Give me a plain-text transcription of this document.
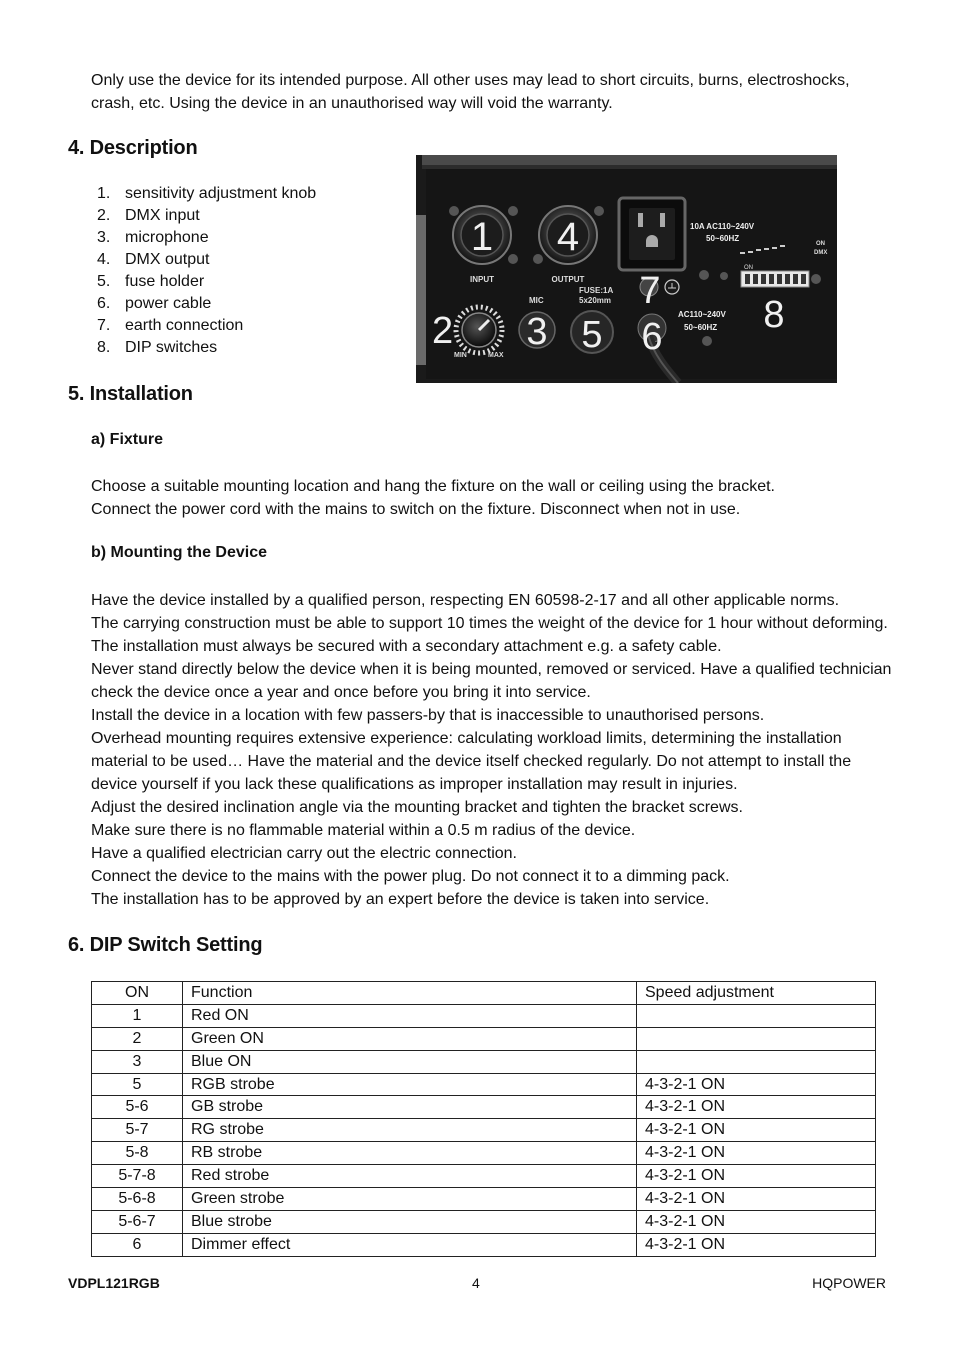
Only use the device for its intended purpose. All other uses may lead to short circuits, burns, electroshocks,
crash, etc. Using the device in an unauthorised way will void the warranty.
4. Description
1. sensitivity adjustment knob
2. DMX input
3. microphone
4. DMX output
5. fuse holder
6. power cable
7. earth connection
8. DIP switches
1
INPUT
4
OUTPUT
10A AC110~240V
50~60HZ
ON
DMX
ON
8
2
MIN	MAX
MIC
3
FUSE:1A
5x20mm
5
7
6
AC110~240V
50~60HZ
5. Installation
a) Fixture
Choose a suitable mounting location and hang the fixture on the wall or ceiling using the bracket.
Connect the power cord with the mains to switch on the fixture. Disconnect when not in use.
b) Mounting the Device
Have the device installed by a qualified person, respecting EN 60598-2-17 and all other applicable norms.
The carrying construction must be able to support 10 times the weight of the device for 1 hour without deforming.
The installation must always be secured with a secondary attachment e.g. a safety cable.
Never stand directly below the device when it is being mounted, removed or serviced. Have a qualified technician
check the device once a year and once before you bring it into service.
Install the device in a location with few passers-by that is inaccessible to unauthorised persons.
Overhead mounting requires extensive experience: calculating workload limits, determining the installation
material to be used… Have the material and the device itself checked regularly. Do not attempt to install the
device yourself if you lack these qualifications as improper installation may result in injuries.
Adjust the desired inclination angle via the mounting bracket and tighten the bracket screws.
Make sure there is no flammable material within a 0.5 m radius of the device.
Have a qualified electrician carry out the electric connection.
Connect the device to the mains with the power plug. Do not connect it to a dimming pack.
The installation has to be approved by an expert before the device is taken into service.
6. DIP Switch Setting
ON	Function	Speed adjustment
1	Red ON	
2	Green ON	
3	Blue ON	
5	RGB strobe	4-3-2-1 ON
5-6	GB strobe	4-3-2-1 ON
5-7	RG strobe	4-3-2-1 ON
5-8	RB strobe	4-3-2-1 ON
5-7-8	Red strobe	4-3-2-1 ON
5-6-8	Green strobe	4-3-2-1 ON
5-6-7	Blue strobe	4-3-2-1 ON
6	Dimmer effect	4-3-2-1 ON
VDPL121RGB	4	HQPOWER
